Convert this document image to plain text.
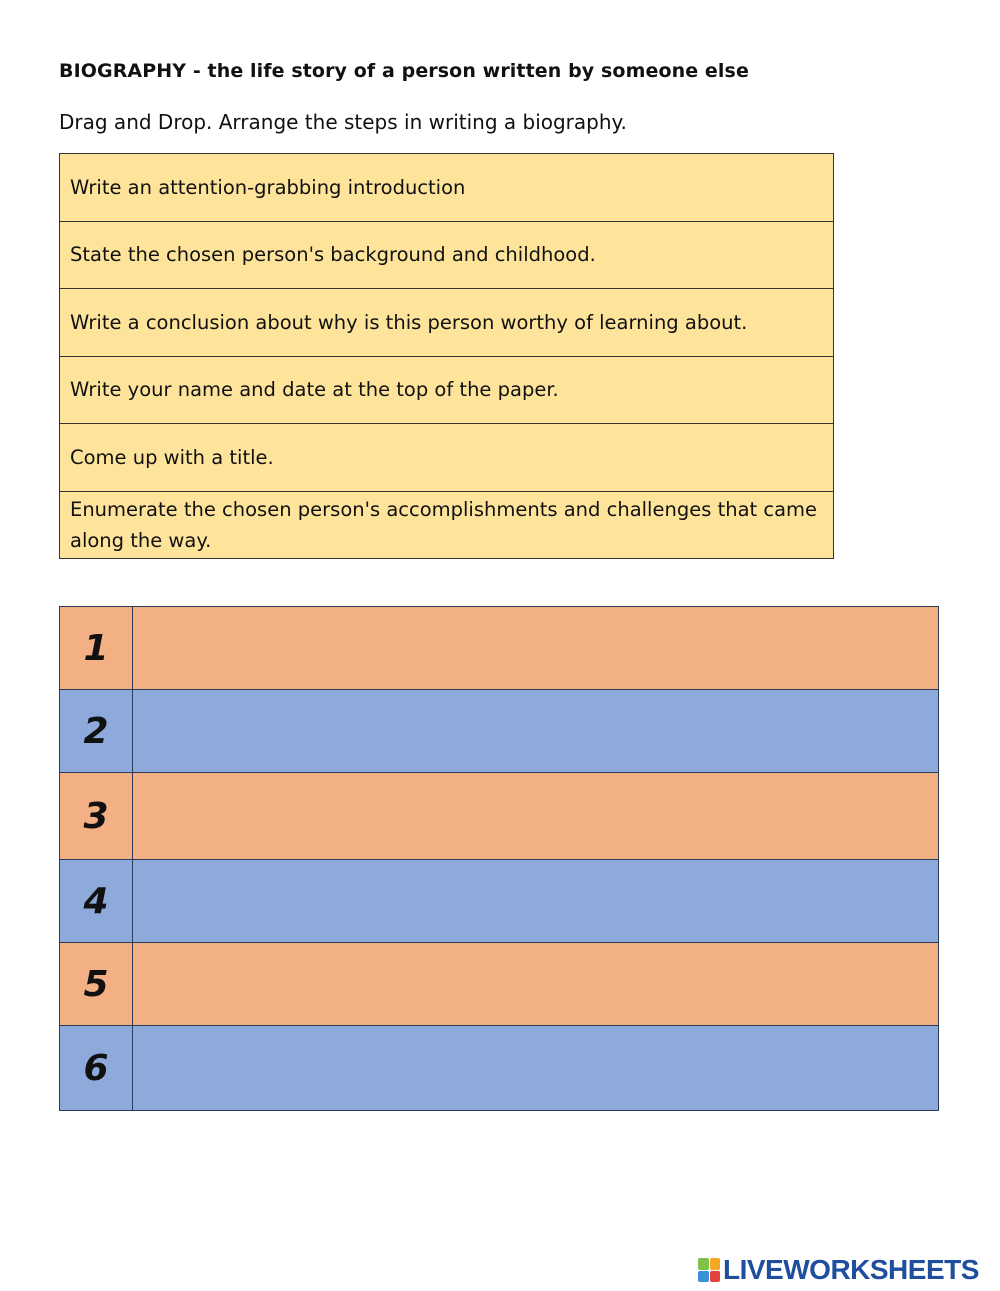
BIOGRAPHY - the life story of a person written by someone else
Drag and Drop. Arrange the steps in writing a biography.
Write an attention-grabbing introduction
State the chosen person's background and childhood.
Write a conclusion about why is this person worthy of learning about.
Write your name and date at the top of the paper.
Come up with a title.
Enumerate the chosen person's accomplishments and challenges that came along the way.
1
2
3
4
5
6
LIVEWORKSHEETS
